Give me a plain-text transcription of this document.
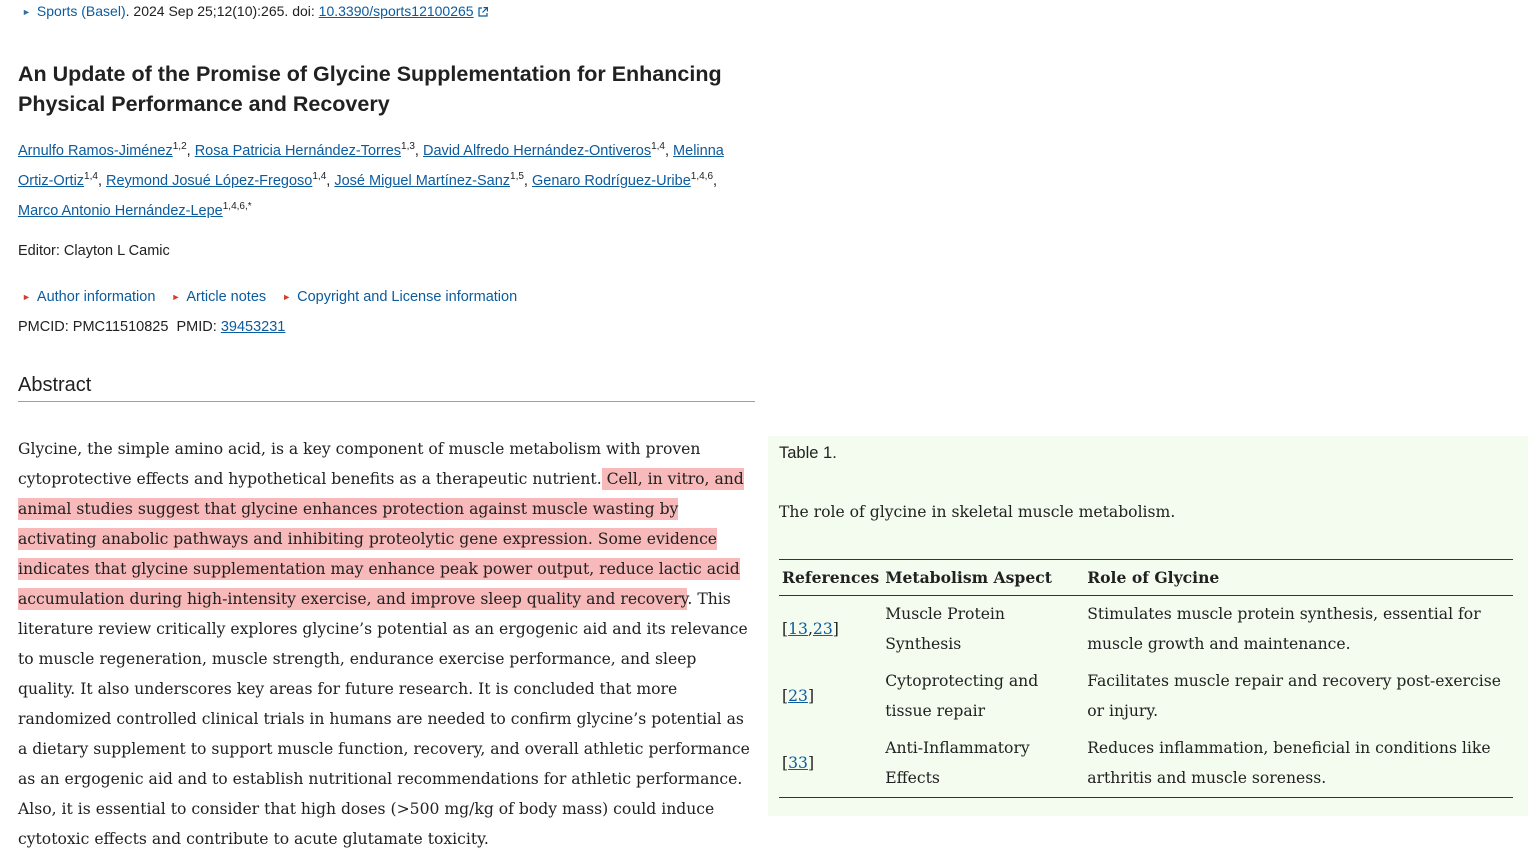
► Sports (Basel). 2024 Sep 25;12(10):265. doi: 10.3390/sports12100265
An Update of the Promise of Glycine Supplementation for Enhancing Physical Performance and Recovery
Arnulfo Ramos-Jiménez$^{1,2}$, Rosa Patricia Hernández-Torres$^{1,3}$, David Alfredo Hernández-Ontiveros$^{1,4}$, Melinna Ortiz-Ortiz$^{1,4}$, Reymond Josué López-Fregoso$^{1,4}$, José Miguel Martínez-Sanz$^{1,5}$, Genaro Rodríguez-Uribe$^{1,4,6}$, Marco Antonio Hernández-Lepe$^{1,4,6,*}$
Editor: Clayton L Camic
► Author information ► Article notes ► Copyright and License information
PMCID: PMC11510825 PMID: 39453231
Abstract

Glycine, the simple amino acid, is a key component of muscle metabolism with proven cytoprotective effects and hypothetical benefits as a therapeutic nutrient. Cell, in vitro, and animal studies suggest that glycine enhances protection against muscle wasting by activating anabolic pathways and inhibiting proteolytic gene expression. Some evidence indicates that glycine supplementation may enhance peak power output, reduce lactic acid accumulation during high-intensity exercise, and improve sleep quality and recovery. This literature review critically explores glycine’s potential as an ergogenic aid and its relevance to muscle regeneration, muscle strength, endurance exercise performance, and sleep quality. It also underscores key areas for future research. It is concluded that more randomized controlled clinical trials in humans are needed to confirm glycine’s potential as a dietary supplement to support muscle function, recovery, and overall athletic performance as an ergogenic aid and to establish nutritional recommendations for athletic performance. Also, it is essential to consider that high doses (>500 mg/kg of body mass) could induce cytotoxic effects and contribute to acute glutamate toxicity.

Table 1.

The role of glycine in skeletal muscle metabolism.

References	Metabolism Aspect	Role of Glycine
[13,23]	Muscle Protein Synthesis	Stimulates muscle protein synthesis, essential for muscle growth and maintenance.
[23]	Cytoprotecting and tissue repair	Facilitates muscle repair and recovery post-exercise or injury.
[33]	Anti-Inflammatory Effects	Reduces inflammation, beneficial in conditions like arthritis and muscle soreness.
